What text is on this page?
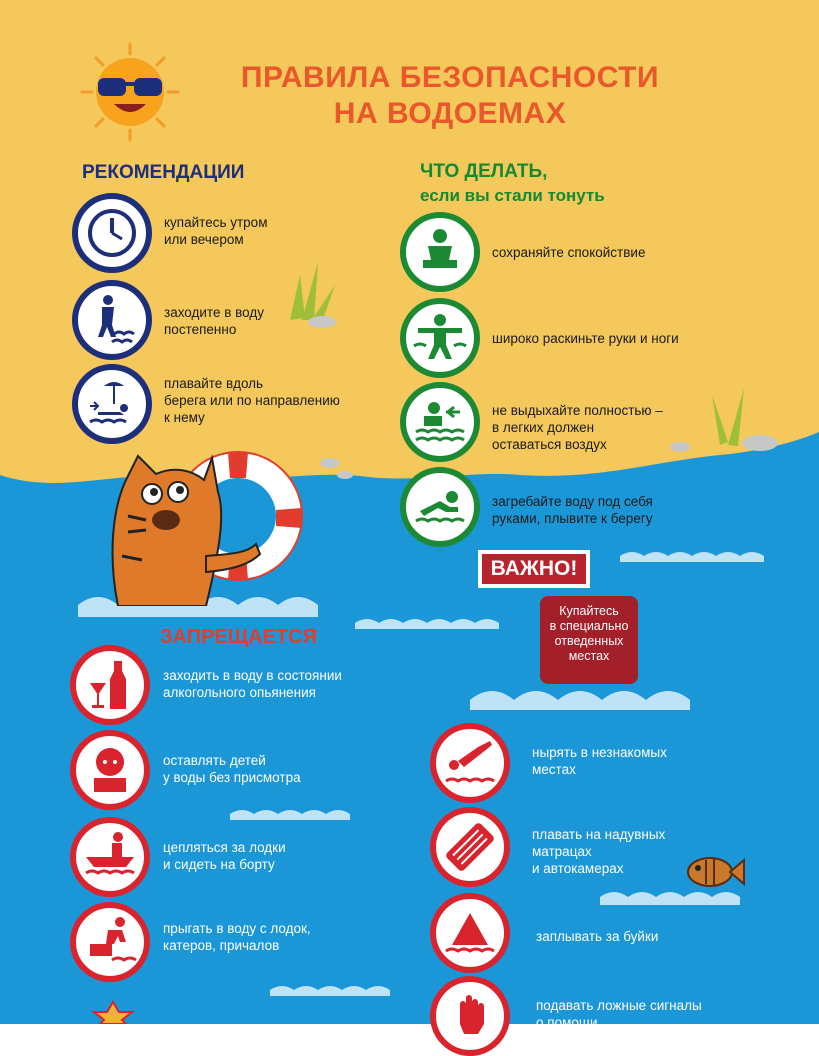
ПРАВИЛА БЕЗОПАСНОСТИ
НА ВОДОЕМАХ
РЕКОМЕНДАЦИИ
купайтесь утром
или вечером
заходите в воду
постепенно
плавайте вдоль
берега или по направлению
к нему
ЧТО ДЕЛАТЬ,
если вы стали тонуть
сохраняйте спокойствие
широко раскиньте руки и ноги
не выдыхайте полностью –
в легких должен
оставаться воздух
загребайте воду под себя
руками, плывите к берегу
ВАЖНО!
Купайтесь
в специально
отведенных
местах
ЗАПРЕЩАЕТСЯ
заходить в воду в состоянии
алкогольного опьянения
оставлять детей
у воды без присмотра
цепляться за лодки
и сидеть на борту
прыгать в воду с лодок,
катеров, причалов
нырять в незнакомых
местах
плавать на надувных
матрацах
и автокамерах
заплывать за буйки
подавать ложные сигналы
о помощи
